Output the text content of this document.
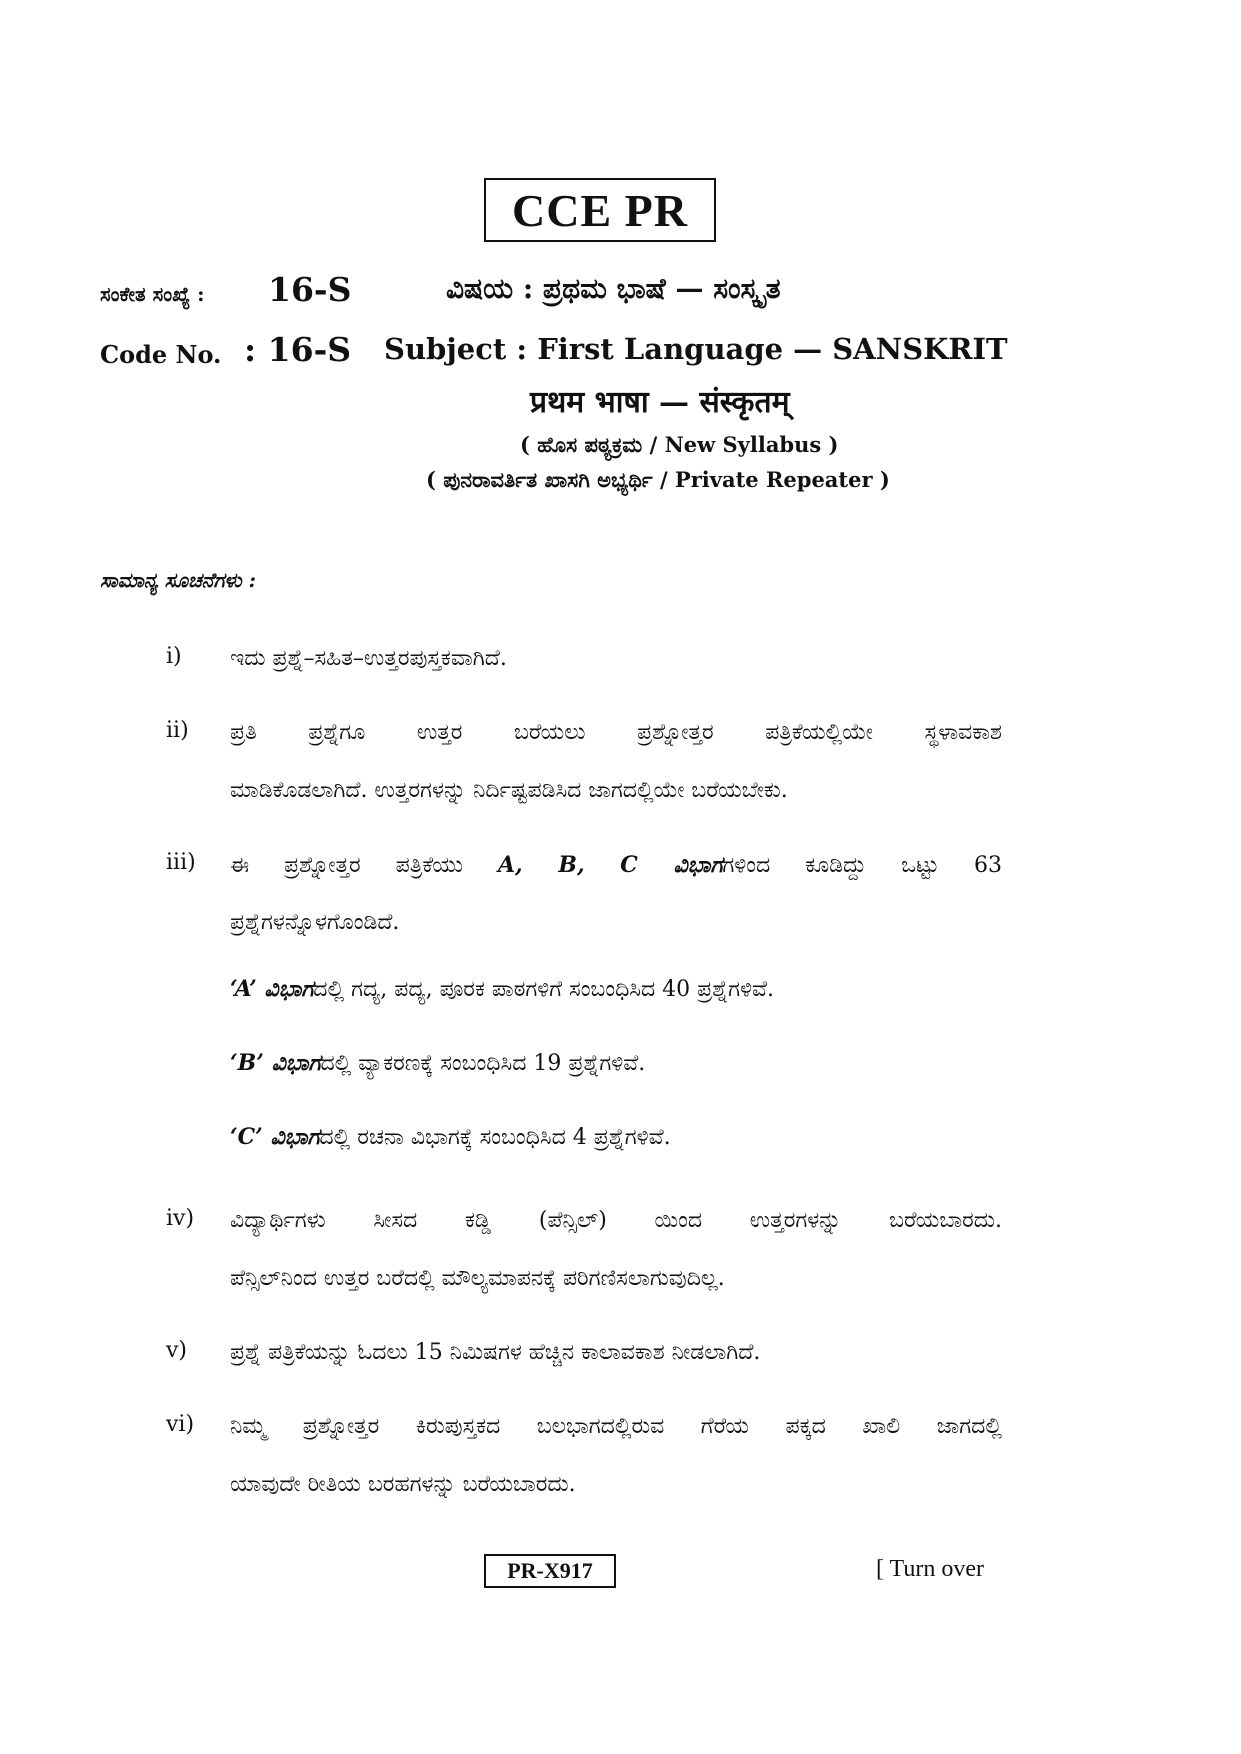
CCE PR
ಸಂಕೇತ ಸಂಖ್ಯೆ : 16-S	ವಿಷಯ : ಪ್ರಥಮ ಭಾಷೆ — ಸಂಸ್ಕೃತ
Code No. : 16-S Subject : First Language — SANSKRIT
प्रथम भाषा — संस्कृतम्
( ಹೊಸ ಪಠ್ಯಕ್ರಮ / New Syllabus )
( ಪುನರಾವರ್ತಿತ ಖಾಸಗಿ ಅಭ್ಯರ್ಥಿ / Private Repeater )
ಸಾಮಾನ್ಯ ಸೂಚನೆಗಳು :
i) ಇದು ಪ್ರಶ್ನೆ–ಸಹಿತ–ಉತ್ತರಪುಸ್ತಕವಾಗಿದೆ.
ii) ಪ್ರತಿ ಪ್ರಶ್ನೆಗೂ ಉತ್ತರ ಬರೆಯಲು ಪ್ರಶ್ನೋತ್ತರ ಪತ್ರಿಕೆಯಲ್ಲಿಯೇ ಸ್ಥಳಾವಕಾಶ
ಮಾಡಿಕೊಡಲಾಗಿದೆ. ಉತ್ತರಗಳನ್ನು ನಿರ್ದಿಷ್ಟಪಡಿಸಿದ ಜಾಗದಲ್ಲಿಯೇ ಬರೆಯಬೇಕು.
iii) ಈ ಪ್ರಶ್ನೋತ್ತರ ಪತ್ರಿಕೆಯು A, B, C ವಿಭಾಗಗಳಿಂದ ಕೂಡಿದ್ದು ಒಟ್ಟು 63
ಪ್ರಶ್ನೆಗಳನ್ನೊಳಗೊಂಡಿದೆ.
‘A’ ವಿಭಾಗದಲ್ಲಿ ಗದ್ಯ, ಪದ್ಯ, ಪೂರಕ ಪಾಠಗಳಿಗೆ ಸಂಬಂಧಿಸಿದ 40 ಪ್ರಶ್ನೆಗಳಿವೆ.
‘B’ ವಿಭಾಗದಲ್ಲಿ ವ್ಯಾಕರಣಕ್ಕೆ ಸಂಬಂಧಿಸಿದ 19 ಪ್ರಶ್ನೆಗಳಿವೆ.
‘C’ ವಿಭಾಗದಲ್ಲಿ ರಚನಾ ವಿಭಾಗಕ್ಕೆ ಸಂಬಂಧಿಸಿದ 4 ಪ್ರಶ್ನೆಗಳಿವೆ.
iv) ವಿದ್ಯಾರ್ಥಿಗಳು ಸೀಸದ ಕಡ್ಡಿ (ಪೆನ್ಸಿಲ್) ಯಿಂದ ಉತ್ತರಗಳನ್ನು ಬರೆಯಬಾರದು.
ಪೆನ್ಸಿಲ್‌ನಿಂದ ಉತ್ತರ ಬರೆದಲ್ಲಿ ಮೌಲ್ಯಮಾಪನಕ್ಕೆ ಪರಿಗಣಿಸಲಾಗುವುದಿಲ್ಲ.
v) ಪ್ರಶ್ನೆ ಪತ್ರಿಕೆಯನ್ನು ಓದಲು 15 ನಿಮಿಷಗಳ ಹೆಚ್ಚಿನ ಕಾಲಾವಕಾಶ ನೀಡಲಾಗಿದೆ.
vi) ನಿಮ್ಮ ಪ್ರಶ್ನೋತ್ತರ ಕಿರುಪುಸ್ತಕದ ಬಲಭಾಗದಲ್ಲಿರುವ ಗೆರೆಯ ಪಕ್ಕದ ಖಾಲಿ ಜಾಗದಲ್ಲಿ
ಯಾವುದೇ ರೀತಿಯ ಬರಹಗಳನ್ನು ಬರೆಯಬಾರದು.
PR-X917	[ Turn over
